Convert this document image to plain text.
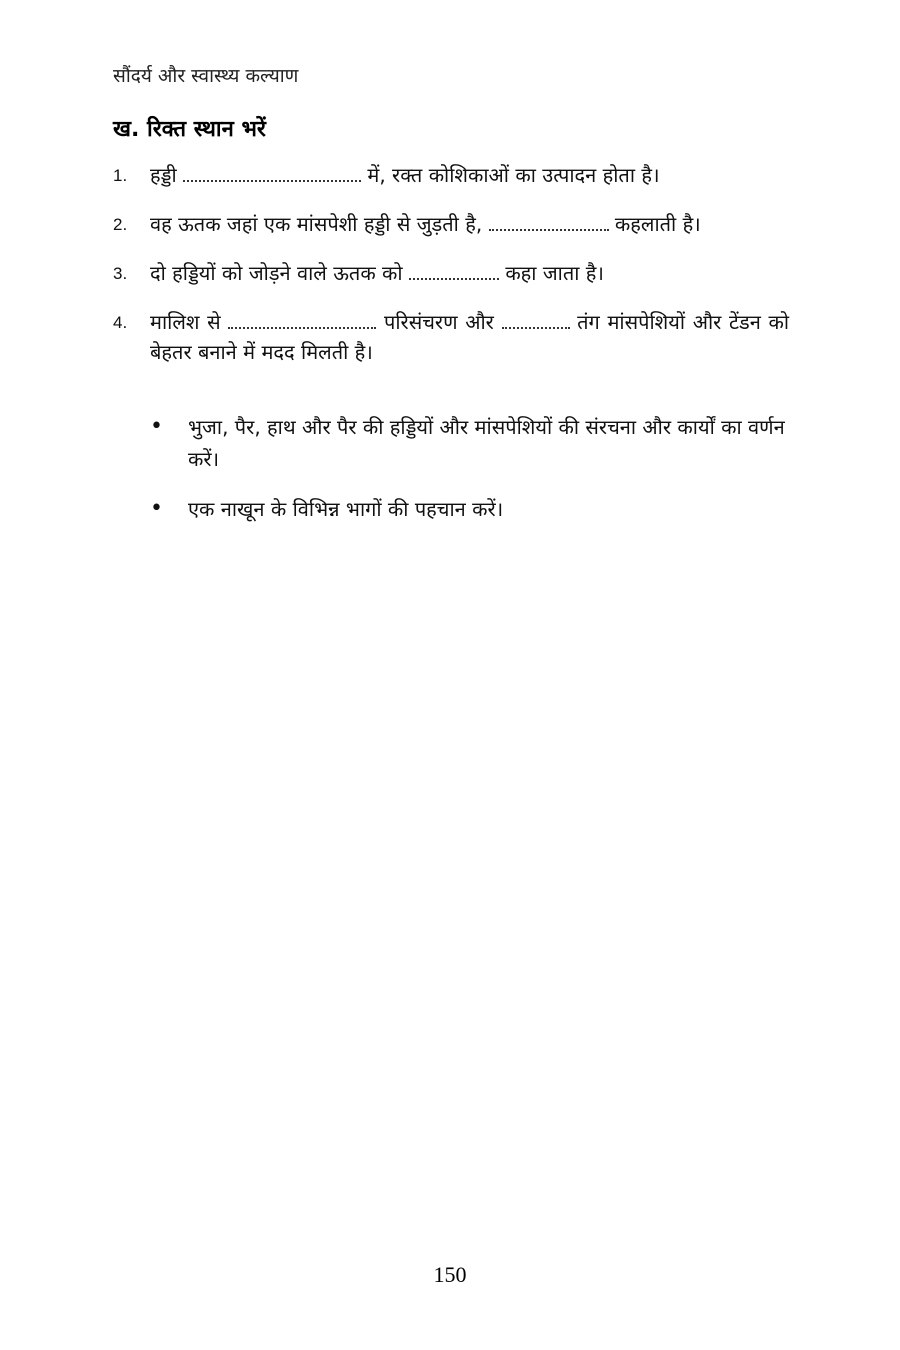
सौंदर्य और स्वास्थ्य कल्याण
ख. रिक्त स्थान भरें
1. हड्डी	में, रक्त कोशिकाओं का उत्पादन होता है।
2. वह ऊतक जहां एक मांसपेशी हड्डी से जुड़ती है,	कहलाती है।
3. दो हड्डियों को जोड़ने वाले ऊतक को	कहा जाता है।
4. मालिश से	परिसंचरण और	तंग मांसपेशियों और टेंडन को बेहतर बनाने में मदद मिलती है।
• भुजा, पैर, हाथ और पैर की हड्डियों और मांसपेशियों की संरचना और कार्यों का वर्णन करें।
• एक नाखून के विभिन्न भागों की पहचान करें।
150
